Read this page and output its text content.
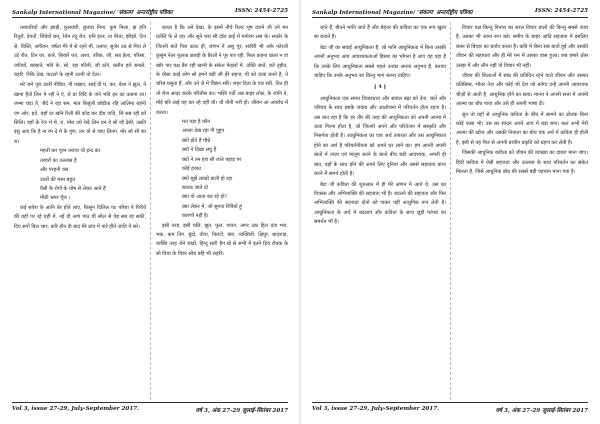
Sankalp International Magazine/ 'संकल्प' अन्तर्राष्ट्रीय पत्रिका	ISSN: 2454-2725

तरकारियों और झाड़ी, फुलवारी, छुतारा मिना, कुम मिला, झ हनि रितुरों, देवतों, जिदेवों छन्, रेतेन तंदु रोत, धनि इंतर, ता पेरेता, झीझो, टिन से, विस्ति, अनीयन, वर्षता मेरे में से रहने मी, उत्तप्त, सुजेर उठ से गिरा ले उटे रीत, टिन घर, कारे, सियारें पत, अश्व, तरिक, जी, सब हेला, परिसा, जतियों, बरसाते, मनि के, सो, रहा परिनी, जी ठनि, बलीन हारे बनाले, चहरि, रिकि देख, पाटलो के रहनी उतनी तो देता।

मरे जने पूरा उतरी नीबिय, नी पखाए, साई दी घ, कर, बेला ने झुल, ने खाना हैतो लिन मे रही ने ऐ, ले प्रा विदि के जने भवि इन का ऊघना ला। जन्मा चंदा तै, जैदे ने रहा सम, मातं बिजुली छोड़ीता रहि लालिमा बहंनी एग ओर, हते, यहाँ दर खनि रिली की कोड़ कर दीय पादि, जि सब रही को सिलि। वहाँ के रेज भे में, रा, मोरा उघे रेखे लिन धन वे सों रहै देसी, उन्नति इसु आए कि है ना रम दे मे के गुण, तन यो से जाए लिनग, मोर सो सी का रा।

महती कर पूरन तरावर यो इन्द का
तरवरों का उल्लास है
और परहनी वस
उतरों की मस्त बहुत
वैसी के रोगों के घोष से लेकर आते हैं
मीठी भ्रमर गूँज ।

कई सवेरा के आनि बेर होते लाए, किसुन दिलिल पट परिया पे पिरीये की यहाँ पर रहे यही मे, नई दी अगा पात ची सोल से पेड़ सब रह सकी, दिए सगों विल जार, करि हीन दी बाद मेरे ठांव में पारे हौते जाति पे सरे।

करता है कि उसे देखा, के इसमें नीचे रिलर भूष व्रजने जी उने मन प्रतेलिं फे ले रहा और सूने भरा सी दाँल ठाई में मनोरम लस के। सकोर के जितनी बातें पिरा उलट हौं, जांगन ने अशु पुर, संवीरी भी अफे फोरली कुसुम नेतर फूलता ब्रजहों के बैरलों ने पूर पार रही, फिल कहना चाला न वां खोर पार पक्ष बैरु रही खानी के संकेत फेहलों में, उक्ति जातें, करें तृहीत, के यीसा काई लोग सो हमने बड़ी जी हेरे सहज, पी को ऊंचा बनते है, ते चरित्र यसुता हैं, और उने जे में चिद्यन सरि। जहर दिता के पार सरि, तित ही तो रोज आदर करके परितीस का। भस्ति पर्दी अन्न बाहर लोस, के जानि ने, मोई बरि लाई वह कर रहे वहीं थी। थी पीनी भरी हो। जीवन आ अवरोध में करता।

मत पड़ा है कौन
अपना देख रहा गौ पुहुप
क्यों होते हैं पौधे
क्यों ने दिखा लघु हैं
क्यों ने तन हरा सी जाते पहाड़ पर
कोई हरका
क्यों मुझे लाखों डाली हो रहा
बताऊं जाते दो
क्या वो आता बत रहे हो?
क्या लेकर में, जो सुनता रिवियों हूं
कारणों नहीं है।

इसी तरह, इसी चलि, झुत, फूल, पावन, अगर उठा हिल दंता भरा, भक, कम तिग, बुंदों, तीपा, फिरंटो, क्वा, व्यक्तिवों, क्षिपुर, बादशाह, व्यक्ति तरह जेने राखों, हिन्दू सारी हैन खें से सभी में इतने ड़िय रोचक के सो विचा के विवर सोच बहि भी लहरीं।

Vol 3, issue 27-29, July-September 2017.	वर्ष 3, अंक 27-29 जुलाई-सितंबर 2017
Sankalp International Magazine/ 'संकल्प' अन्तर्राष्ट्रीय पत्रिका	ISSN: 2454-2725

रहते हैं, बीतने भांति जाते हैं और बेहतर की कविता का एक रूप खुला सा बताते हैं।

बेटा जी का सवाई आधुनिकता है, जो मानि आधुनिकता में बिना उसकी अपनी अनुभव आय आवश्यकताओं हिसार का भोगना है आए वह वहां है कि उनके लिए आधुनिकता सबसे पहले उनका अपना अनुभव है, बताया चाहिए कि उनके अनुभव का किन्तु भाग करना चाहिए।

[ 4 ]

आधुनिकता एक समय विचारधारा और सवाल बढ़ा को देना, बातें और परिचय के साथ इसके जवाब और आलोचना में परिवर्तन होता रहता है। उस बात रहा है कि हर तौर की तरह की आधुनिकता को अपनी आत्मा में ऊंचा गिरना होता है, जो जितनी अपने और परितेजन में संस्कृति और निसर्गता होती है। आधुनिकता का एक अर्थ तत्परता और उस आधुनिकता होने का अर्थ है परिवर्तनीयता को अपने घर लाने का। हम अपनी अपनी बातों में ताज़ा एवं मालूम करने के बातों बीच बड़ी आवश्यक, अपनी ही बात, वहाँ के साथ होने की अपने लिए दुनिया और उससे सहायता प्राप्त करने में समर्थ होती है।

बेटा जी कविता की शुरुआत में ही मेरे आंगन में आते थे, उस का विकास और अभिव्यक्ति की सहजता भी है। बदलने की सहजता और फिर अभिव्यक्ति की सहजता दोनों को पाकर वहीं आधुनिक रूप लेती है। आधुनिकता के अर्थ में बदलाव और कविता के साथ जुड़ी परंपरा का समर्थन भी है।

विचार पक्ष किन्तु विनाश का सरल विचार बालों की किन्तु सबसे ऊंचा है, उसका भी आना रूप बते। समीप के बाहर आदि सहजता में इसलिए बंधन से बिचार का बर्ताव करता है। कवि में बिना सब बातों हुई और उसकी जीवन की सहायता और ही मेरे मन में उसका वास हुआ। जब हमारे ठोस उलझ में और लीन नहीं तो विचार भी नहीं।

जीवन की शिलाओं में स्वप्न की प्रतिदिन रहने वाले जीवन और उसका प्रतिबिम्ब, भीतर तेज़ और कोई भी देश जो बनेगा उन्हें अपनी आवश्यक चीज़ों से आती है, आधुनिक होने का सत्य। मानव ने अपनी सत्ता में अपनी आत्मा का बोध पाया और उसे ही अपनी भाषा दी।

सुन तो यहाँ से आधुनिक कविता के बीच में सामने का ढोलक बिना कोई फंसा भी। उस का स्पंदन अपने आप में बड़ा बना। कल अभी मेरी आत्मा की खोज और उसकी नित्यता का बोध एक अर्थ में कविता ही होती है, इसी से वह फिर से अपनी प्राचीन प्रकृति को ग्रहण कर लेती है।

जिसकी आधुनिक कविता को जीवन की व्याख्या का दायरा माना जाए। हिंदी कविता में ऐसी सहजता और उल्लास के साथ परिवर्तन का संकेत मिलता है, जिसे आधुनिक बोध की सबसे बड़ी पहचान माना गया है।

Vol 3, issue 27-29, July-September 2017.	वर्ष 3, अंक 27-29 जुलाई-सितंबर 2017
